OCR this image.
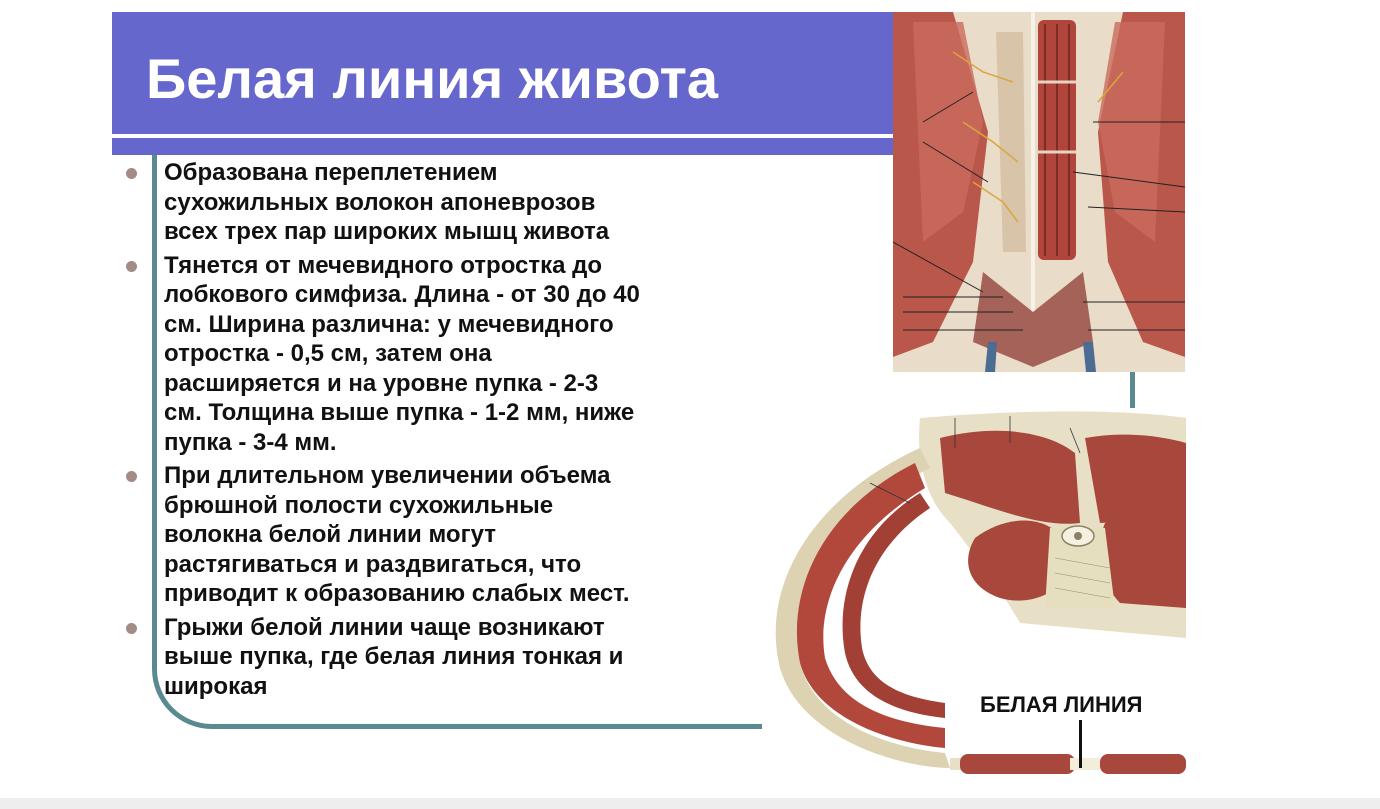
Белая линия живота
Образована переплетением
сухожильных волокон апоневрозов
всех трех пар широких мышц живота
Тянется от мечевидного отростка до
лобкового симфиза. Длина - от 30 до 40
см. Ширина различна: у мечевидного
отростка - 0,5 см, затем она
расширяется и на уровне пупка - 2-3
см. Толщина выше пупка - 1-2 мм, ниже
пупка - 3-4 мм.
При длительном увеличении объема
брюшной полости сухожильные
волокна белой линии могут
растягиваться и раздвигаться, что
приводит к образованию слабых мест.
Грыжи белой линии чаще возникают
выше пупка, где белая линия тонкая и
широкая
БЕЛАЯ ЛИНИЯ
